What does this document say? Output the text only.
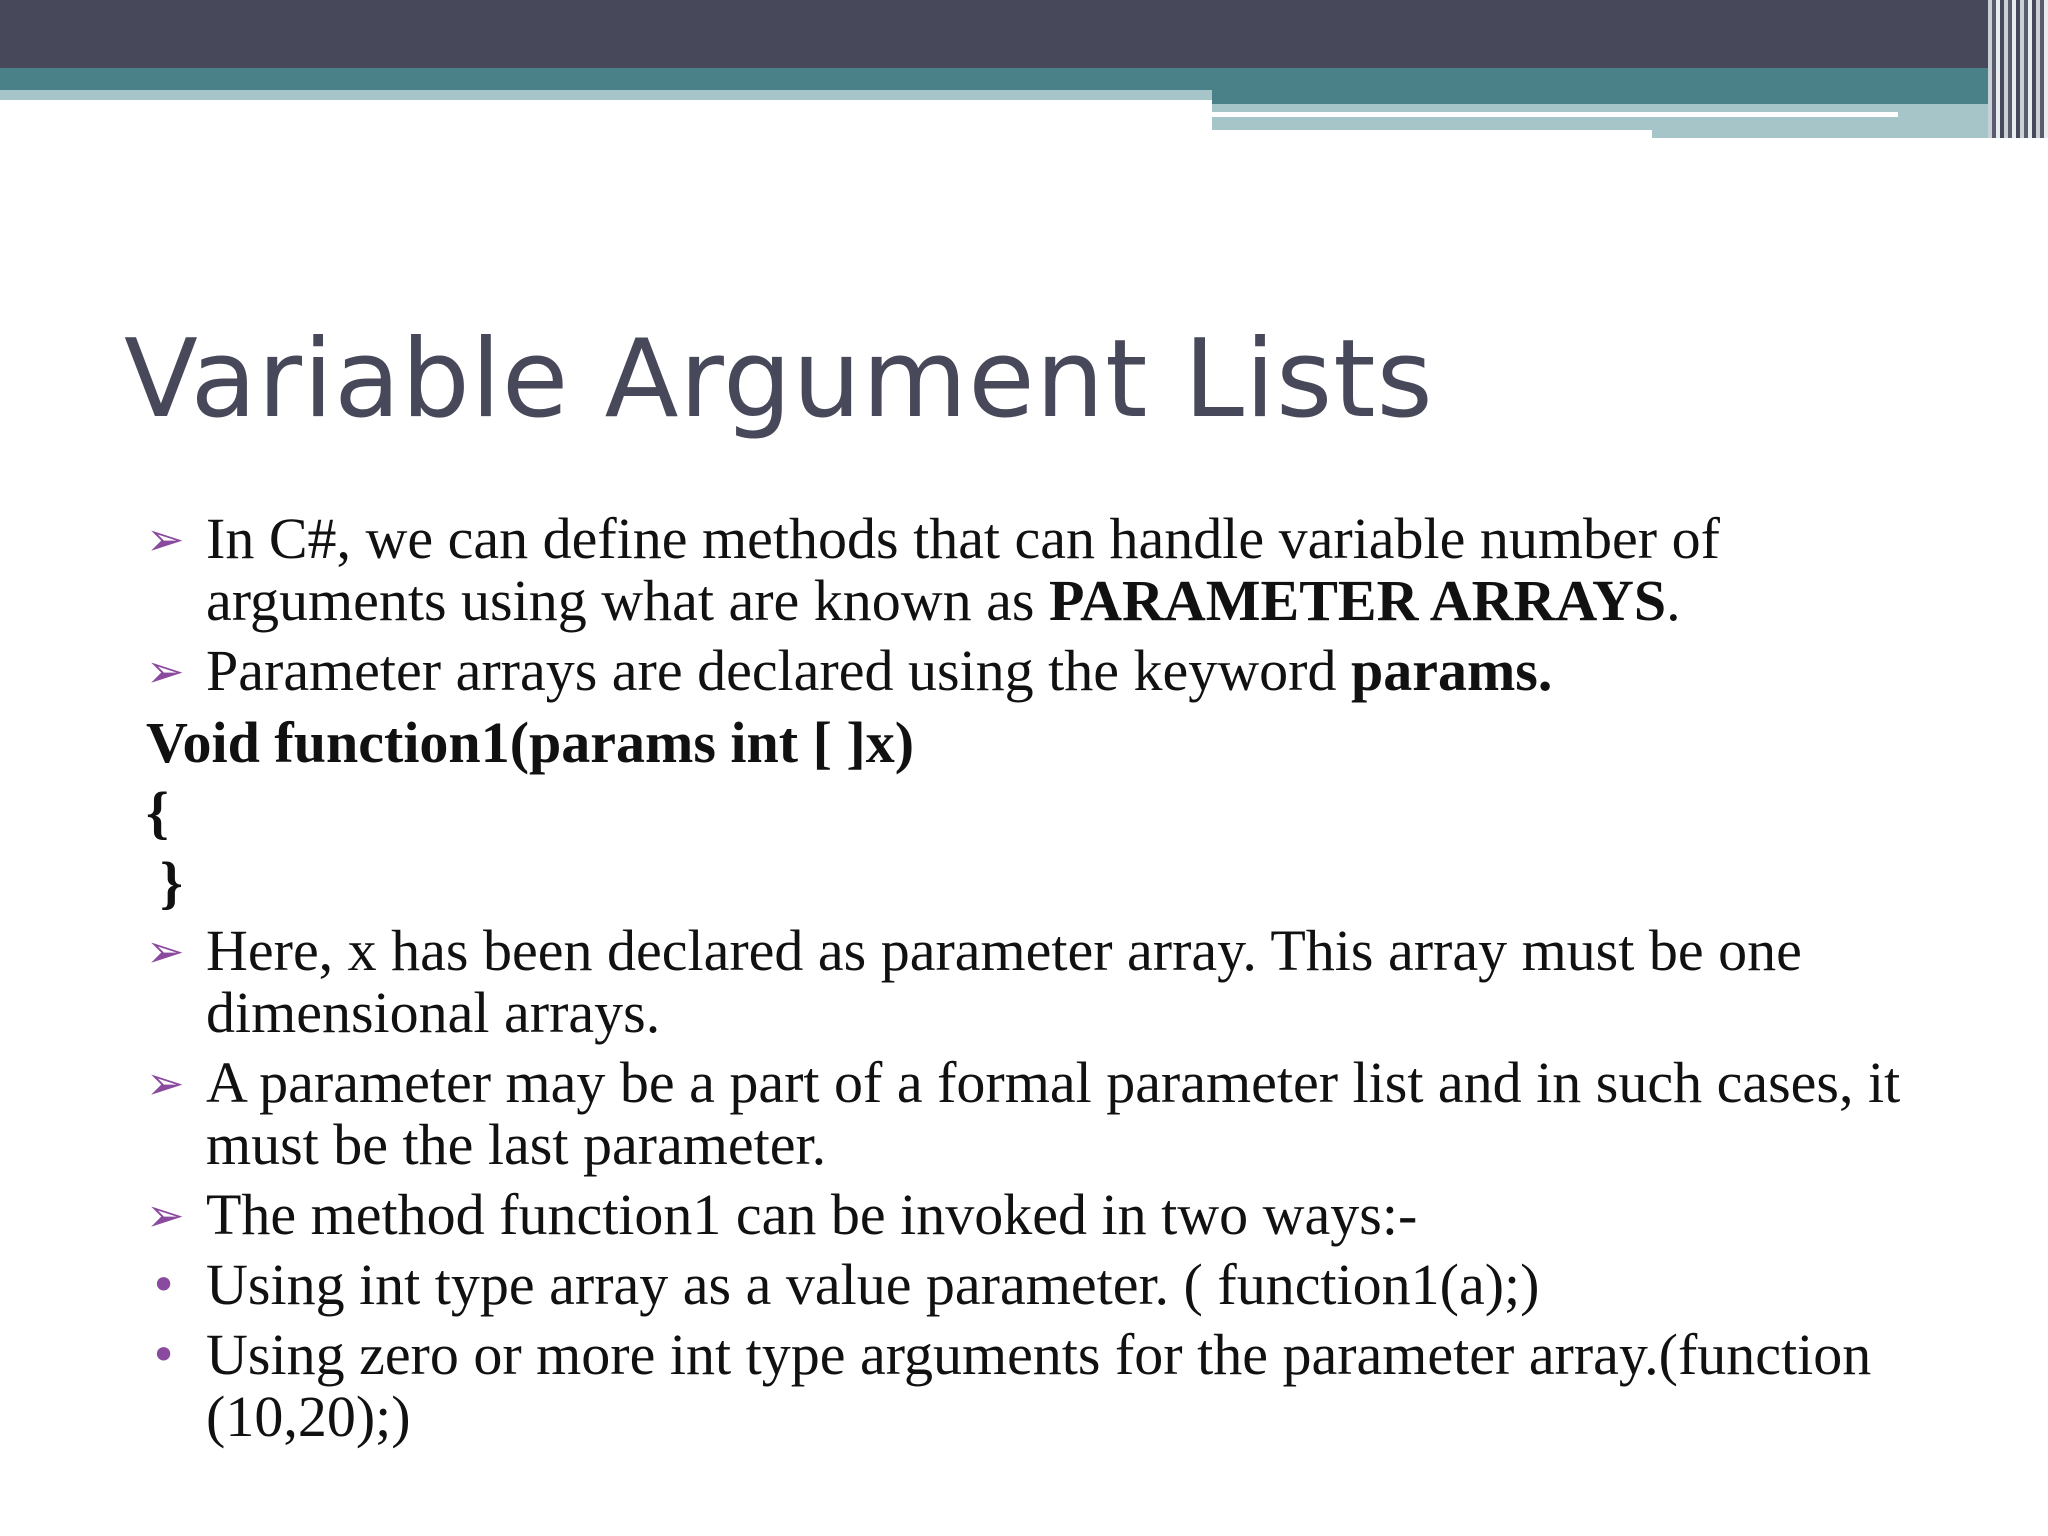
Variable Argument Lists
➢ In C#, we can define methods that can handle variable number of arguments using what are known as PARAMETER ARRAYS.
➢ Parameter arrays are declared using the keyword params.
Void function1(params int [ ]x)
{
}
➢ Here, x has been declared as parameter array. This array must be one dimensional arrays.
➢ A parameter may be a part of a formal parameter list and in such cases, it must be the last parameter.
➢ The method function1 can be invoked in two ways:-
• Using int type array as a value parameter. ( function1(a);)
• Using zero or more int type arguments for the parameter array.(function (10,20);)
